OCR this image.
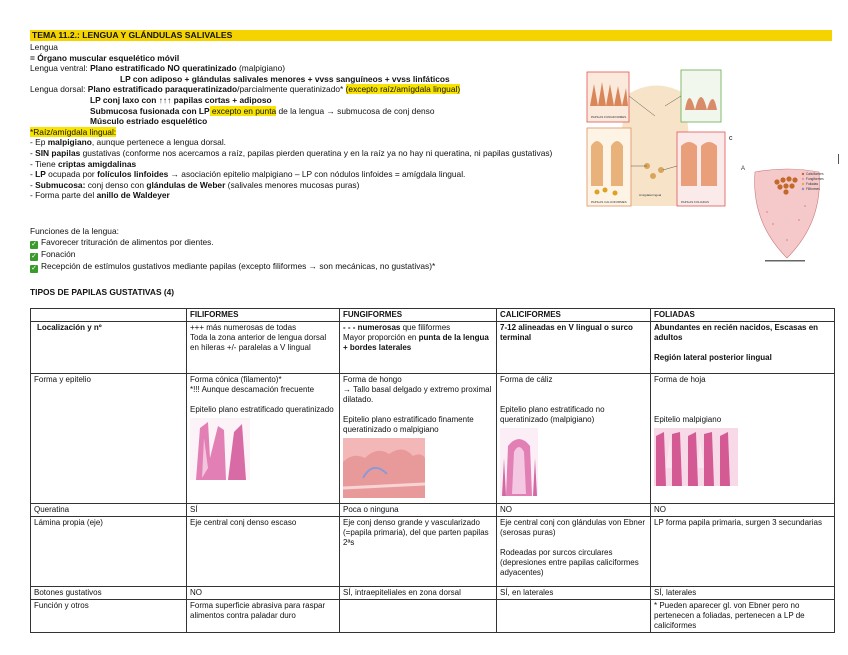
TEMA 11.2.: LENGUA Y GLÁNDULAS SALIVALES
Lengua
= Órgano muscular esquelético móvil
Lengua ventral: Plano estratificado NO queratinizado (malpigiano)
LP con adiposo + glándulas salivales menores + vvss sanguíneos + vvss linfáticos
Lengua dorsal: Plano estratificado paraqueratinizado/parcialmente queratinizado* (excepto raíz/amígdala lingual)
LP conj laxo con ↑↑↑ papilas cortas + adiposo
Submucosa fusionada con LP excepto en punta de la lengua → submucosa de conj denso
Músculo estriado esquelético
*Raíz/amígdala lingual:
- Ep malpigiano, aunque pertenece a lengua dorsal.
- SIN papilas gustativas (conforme nos acercamos a raíz, papilas pierden queratina y en la raíz ya no hay ni queratina, ni papilas gustativas)
- Tiene criptas amigdalinas
- LP ocupada por folículos linfoides → asociación epitelio malpigiano – LP con nódulos linfoides = amígdala lingual.
- Submucosa: conj denso con glándulas de Weber (salivales menores mucosas puras)
- Forma parte del anillo de Waldeyer
PAPILAS FUNGIFORMES
PAPILAS CALICIFORMES
Amígdala lingual
PAPILAS FOLIADAS
c
A
Caliciformes
Fungiformes
Foliadas
Filiformes
Funciones de la lengua:
✓ Favorecer trituración de alimentos por dientes.
✓ Fonación
✓ Recepción de estímulos gustativos mediante papilas (excepto filiformes → son mecánicas, no gustativas)*
TIPOS DE PAPILAS GUSTATIVAS (4)
	FILIFORMES	FUNGIFORMES	CALICIFORMES	FOLIADAS
Localización y nº	+++ más numerosas de todas
Toda la zona anterior de lengua dorsal en hileras +/- paralelas a V lingual	- - - numerosas que filiformes
Mayor proporción en punta de la lengua + bordes laterales	7-12 alineadas en V lingual o surco terminal	Abundantes en recién nacidos, Escasas en adultos

Región lateral posterior lingual
Forma y epitelio	Forma cónica (filamento)*
*!!! Aunque descamación frecuente

Epitelio plano estratificado queratinizado	Forma de hongo
→ Tallo basal delgado y extremo proximal dilatado.

Epitelio plano estratificado finamente queratinizado o malpigiano	Forma de cáliz

Epitelio plano estratificado no queratinizado (malpigiano)	Forma de hoja

Epitelio malpigiano

Queratina	SÍ	Poca o ninguna	NO	NO
Lámina propia (eje)	Eje central conj denso escaso	Eje conj denso grande y vascularizado (=papila primaria), del que parten papilas 2ªs	Eje central conj con glándulas von Ebner (serosas puras)

Rodeadas por surcos circulares (depresiones entre papilas caliciformes adyacentes)	LP forma papila primaria, surgen 3 secundarias
Botones gustativos	NO	SÍ, intraepiteliales en zona dorsal	SÍ, en laterales	SÍ, laterales
Función y otros	Forma superficie abrasiva para raspar alimentos contra paladar duro			* Pueden aparecer gl. von Ebner pero no pertenecen a foliadas, pertenecen a LP de caliciformes
